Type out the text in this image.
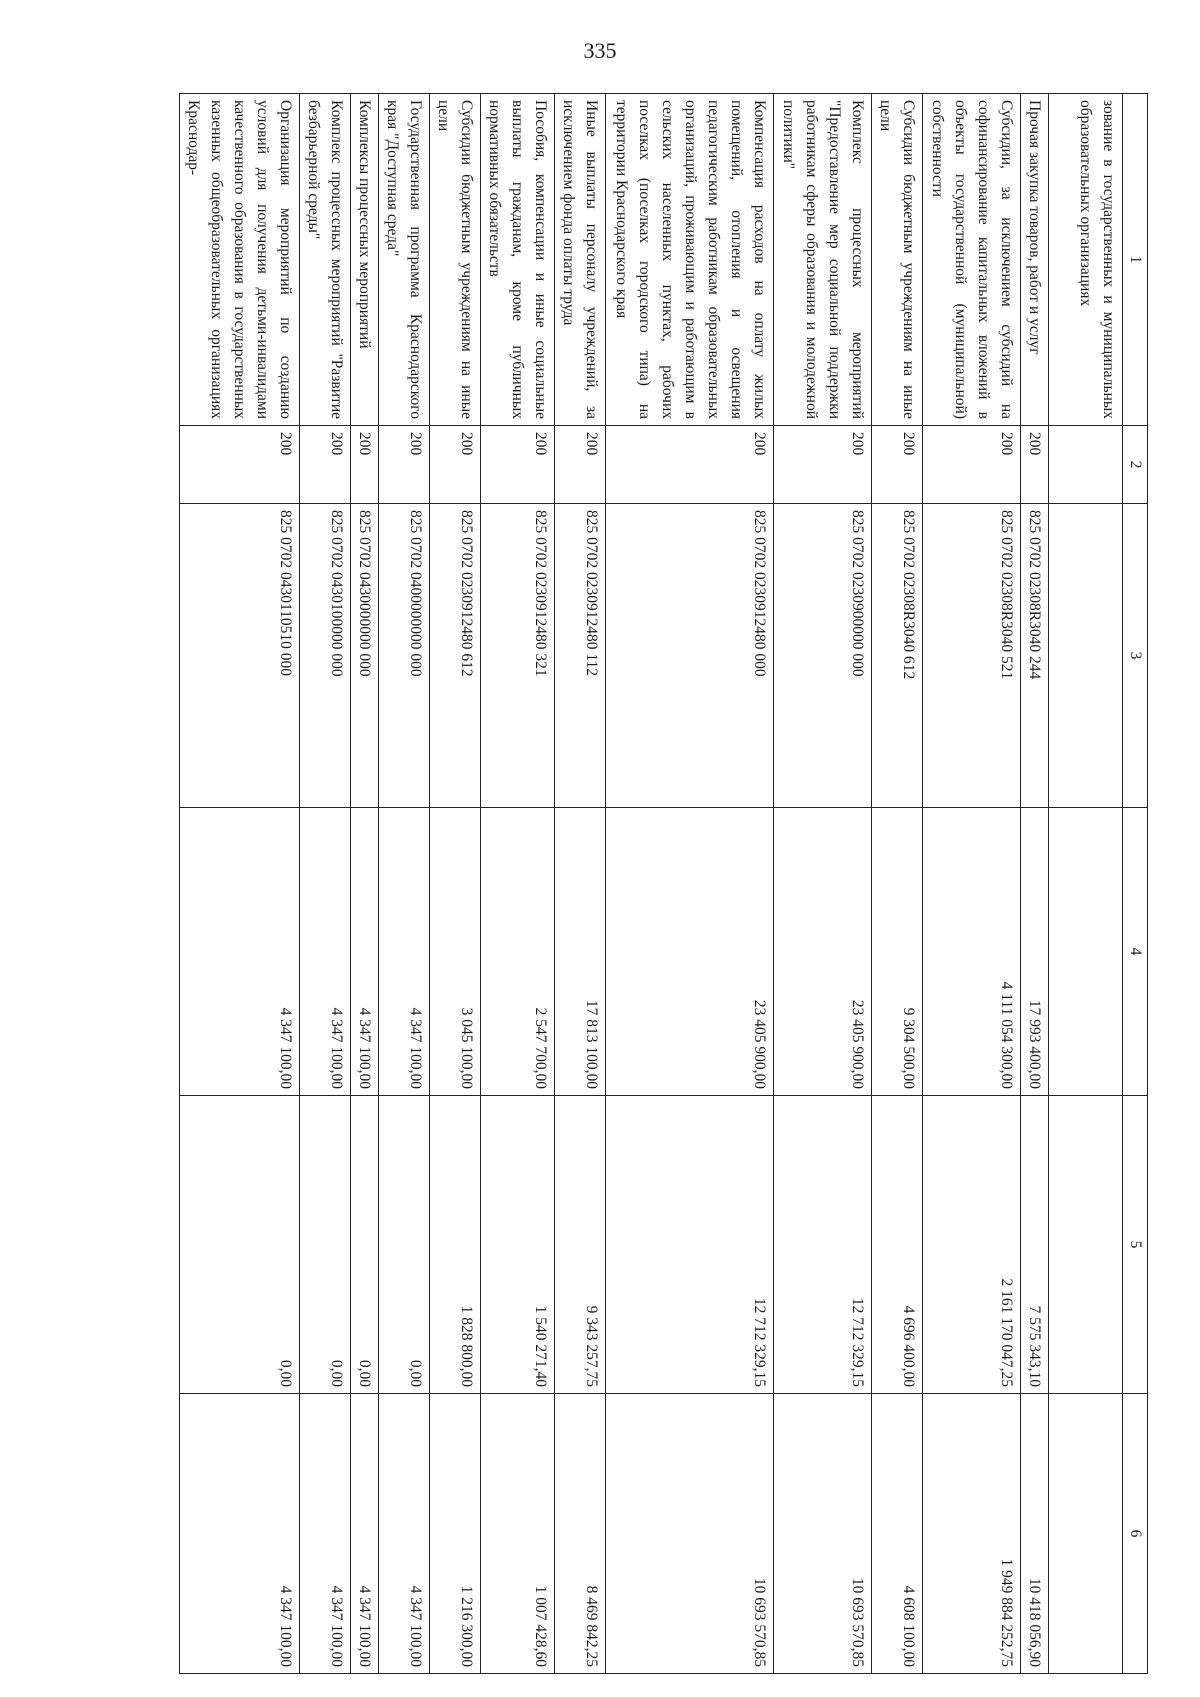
335
1	2	3	4	5	6
зование в государственных и муниципальных образовательных организациях					
Прочая закупка товаров, работ и услуг	200	825 0702 02308R3040 244	17 993 400,00	7 575 343,10	10 418 056,90
Субсидии, за исключением субсидий на софинансирование капитальных вложений в объекты государственной (муниципальной) собственности	200	825 0702 02308R3040 521	4 111 054 300,00	2 161 170 047,25	1 949 884 252,75
Субсидии бюджетным учреждениям на иные цели	200	825 0702 02308R3040 612	9 304 500,00	4 696 400,00	4 608 100,00
Комплекс процессных мероприятий "Предоставление мер социальной поддержки работникам сферы образования и молодежной политики"	200	825 0702 0230900000 000	23 405 900,00	12 712 329,15	10 693 570,85
Компенсация расходов на оплату жилых помещений, отопления и освещения педагогическим работникам образовательных организаций, проживающим и работающим в сельских населенных пунктах, рабочих поселках (поселках городского типа) на территории Краснодарского края	200	825 0702 0230912480 000	23 405 900,00	12 712 329,15	10 693 570,85
Иные выплаты персоналу учреждений, за исключением фонда оплаты труда	200	825 0702 0230912480 112	17 813 100,00	9 343 257,75	8 469 842,25
Пособия, компенсации и иные социальные выплаты гражданам, кроме публичных нормативных обязательств	200	825 0702 0230912480 321	2 547 700,00	1 540 271,40	1 007 428,60
Субсидии бюджетным учреждениям на иные цели	200	825 0702 0230912480 612	3 045 100,00	1 828 800,00	1 216 300,00
Государственная программа Краснодарского края "Доступная среда"	200	825 0702 0400000000 000	4 347 100,00	0,00	4 347 100,00
Комплексы процессных мероприятий	200	825 0702 0430000000 000	4 347 100,00	0,00	4 347 100,00
Комплекс процессных мероприятий "Развитие безбарьерной среды"	200	825 0702 0430100000 000	4 347 100,00	0,00	4 347 100,00
Организация мероприятий по созданию условий для получения детьми-инвалидами качественного образования в государственных казенных общеобразовательных организациях Краснодар-	200	825 0702 0430110510 000	4 347 100,00	0,00	4 347 100,00
